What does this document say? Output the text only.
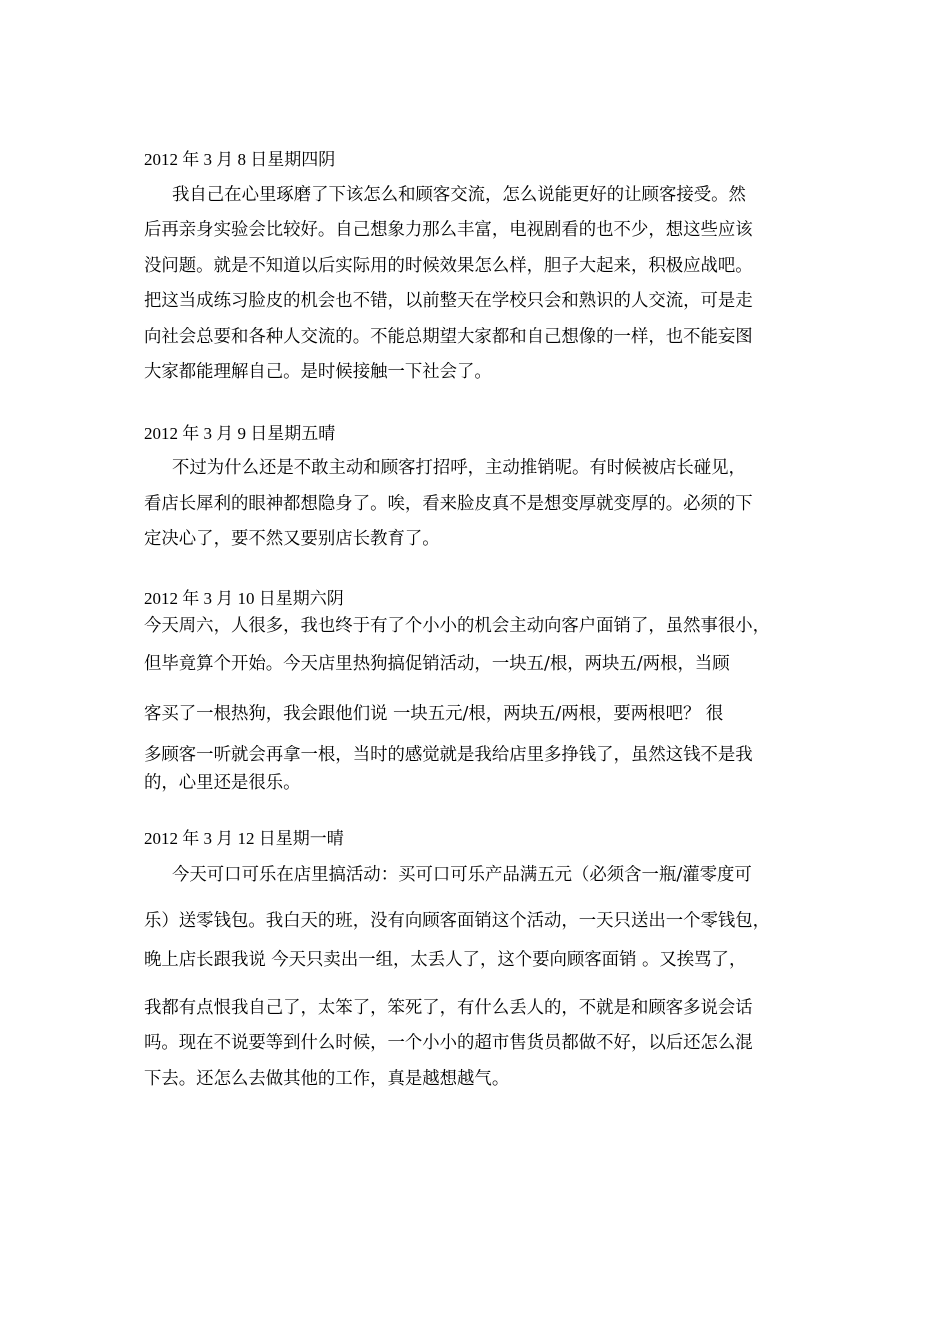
2012 年 3 月 8 日星期四阴
我自己在心里琢磨了下该怎么和顾客交流，怎么说能更好的让顾客接受。然
后再亲身实验会比较好。自己想象力那么丰富，电视剧看的也不少，想这些应该
没问题。就是不知道以后实际用的时候效果怎么样，胆子大起来，积极应战吧。
把这当成练习脸皮的机会也不错，以前整天在学校只会和熟识的人交流，可是走
向社会总要和各种人交流的。不能总期望大家都和自己想像的一样，也不能妄图
大家都能理解自己。是时候接触一下社会了。
2012 年 3 月 9 日星期五晴
不过为什么还是不敢主动和顾客打招呼，主动推销呢。有时候被店长碰见，
看店长犀利的眼神都想隐身了。唉，看来脸皮真不是想变厚就变厚的。必须的下
定决心了，要不然又要别店长教育了。
2012 年 3 月 10 日星期六阴
今天周六，人很多，我也终于有了个小小的机会主动向客户面销了，虽然事很小，
但毕竟算个开始。今天店里热狗搞促销活动，一块五/根，两块五/两根，当顾
客买了一根热狗，我会跟他们说 一块五元/根，两块五/两根，要两根吧？ 很
多顾客一听就会再拿一根，当时的感觉就是我给店里多挣钱了，虽然这钱不是我
的，心里还是很乐。
2012 年 3 月 12 日星期一晴
今天可口可乐在店里搞活动：买可口可乐产品满五元（必须含一瓶/灌零度可
乐）送零钱包。我白天的班，没有向顾客面销这个活动，一天只送出一个零钱包，
晚上店长跟我说 今天只卖出一组，太丢人了，这个要向顾客面销 。又挨骂了，
我都有点恨我自己了，太笨了，笨死了，有什么丢人的，不就是和顾客多说会话
吗。现在不说要等到什么时候，一个小小的超市售货员都做不好，以后还怎么混
下去。还怎么去做其他的工作，真是越想越气。
